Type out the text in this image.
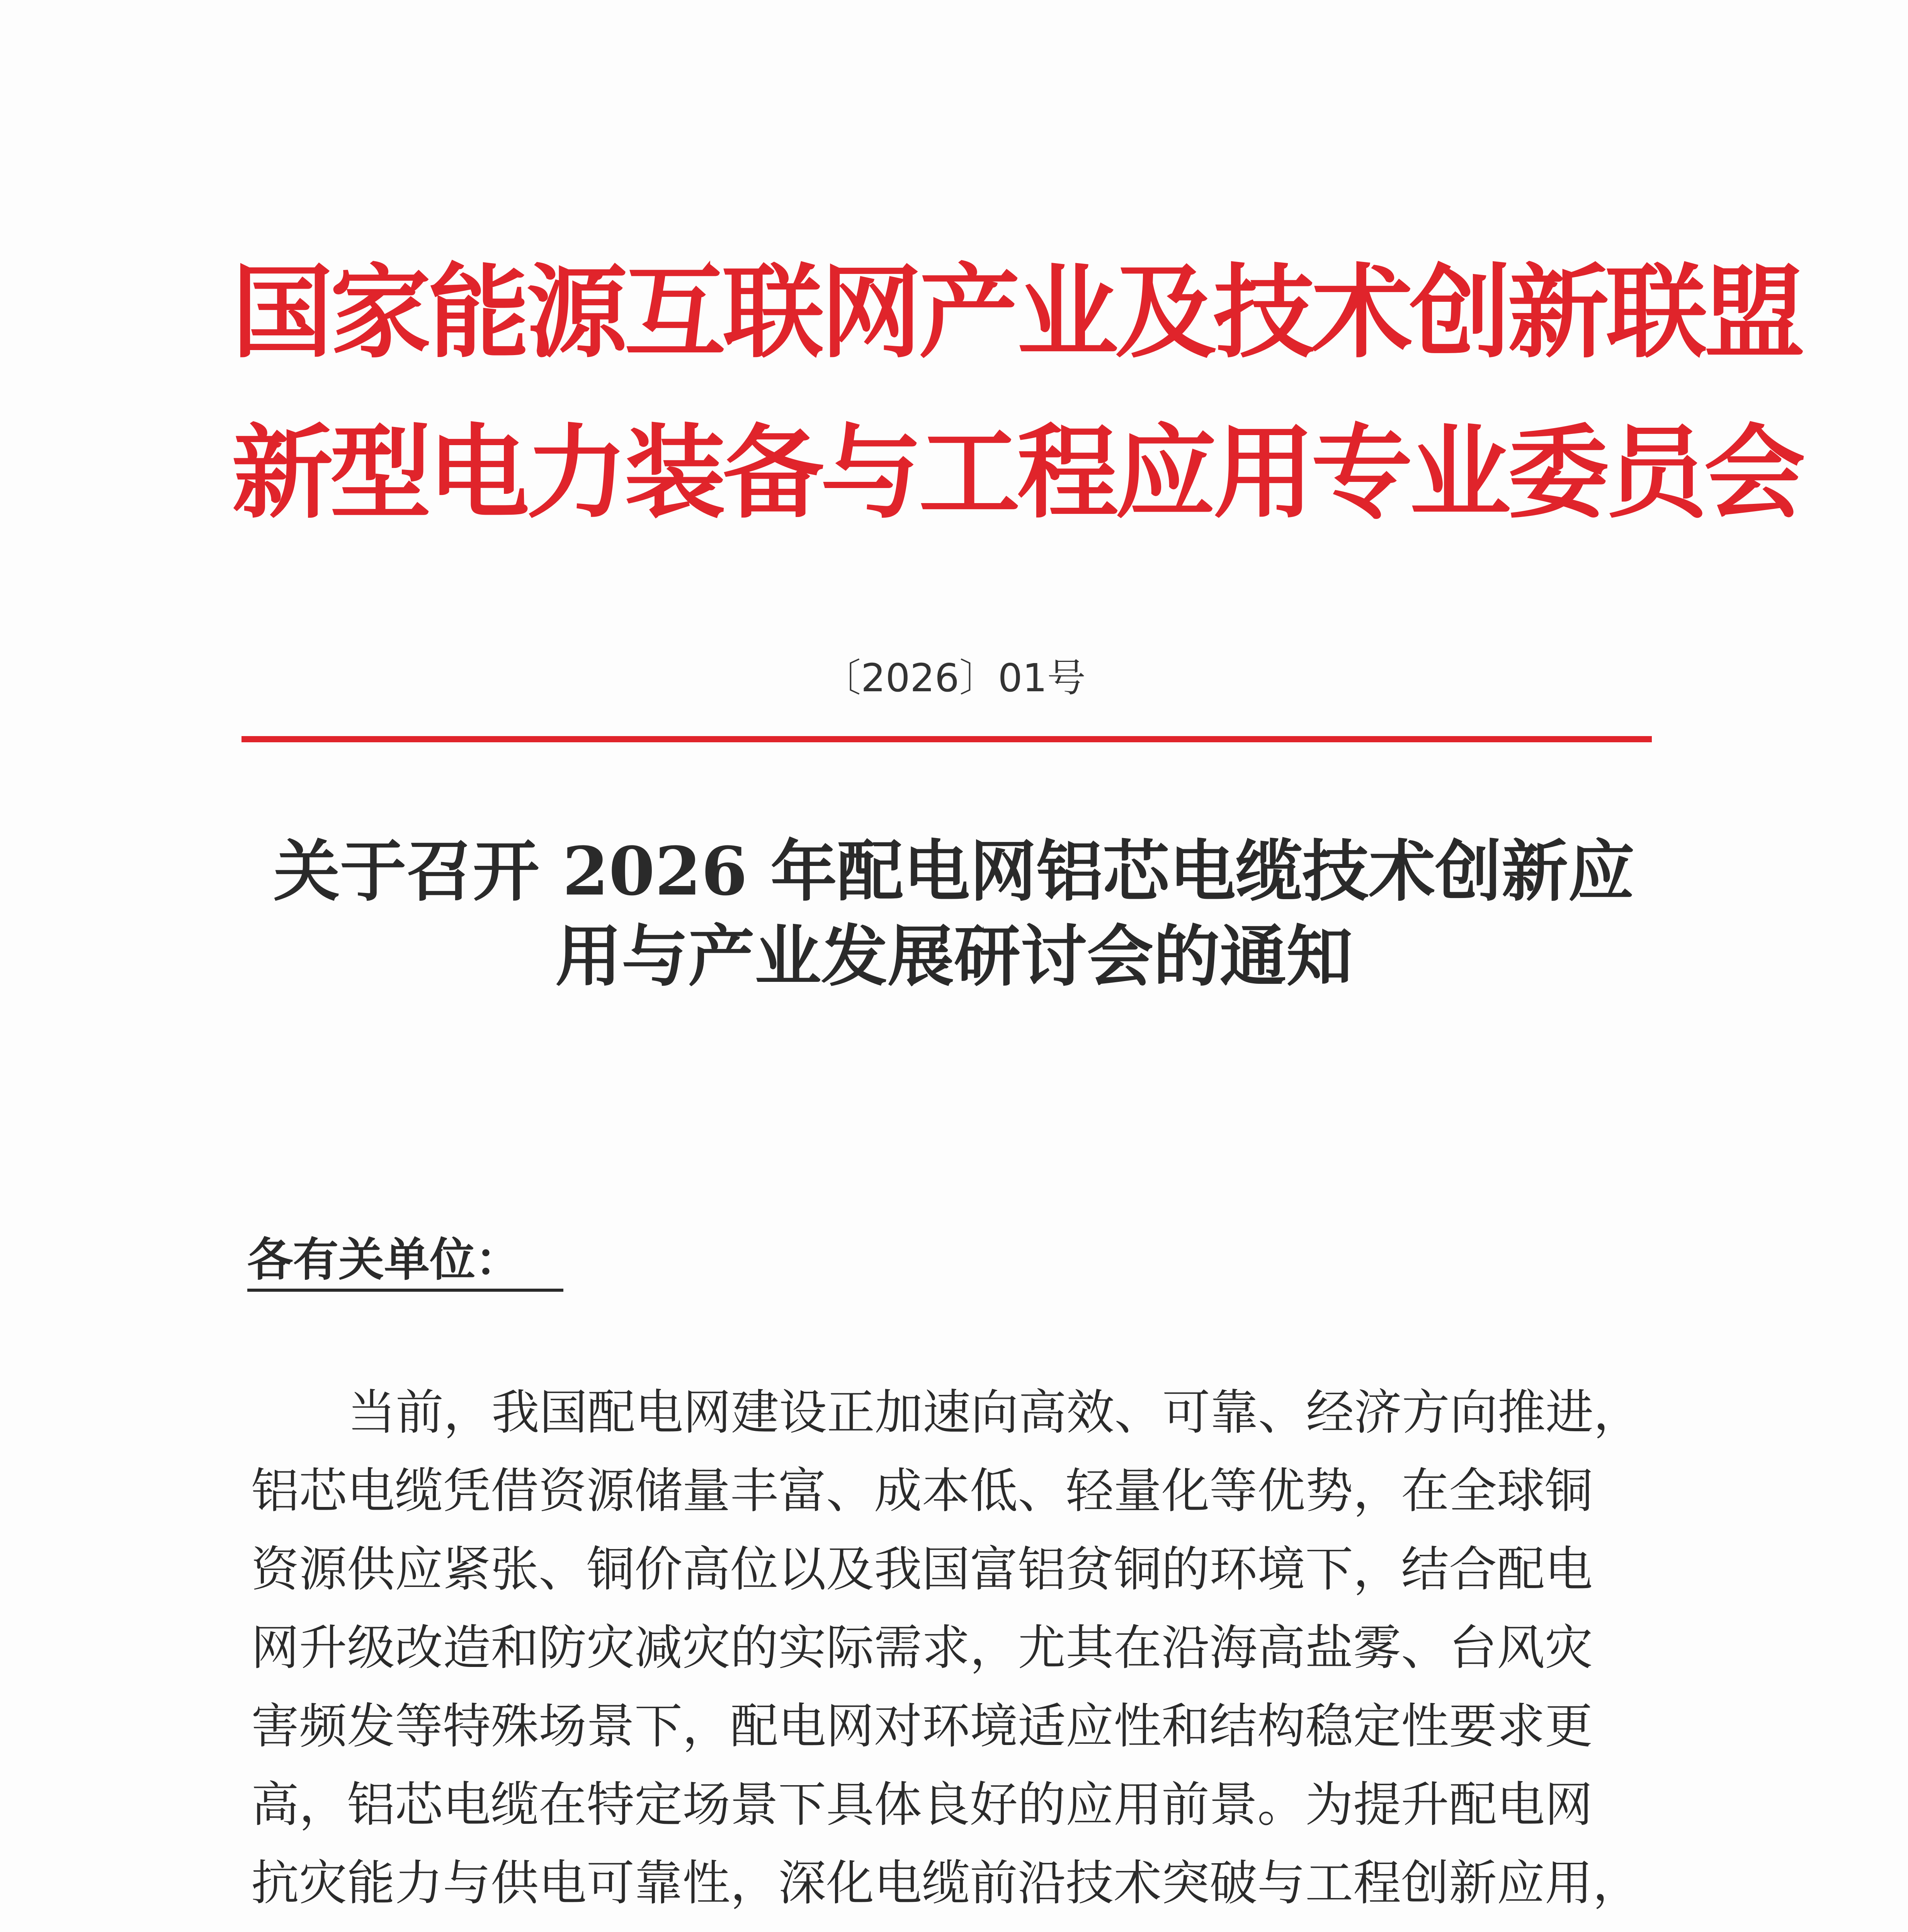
国家能源互联网产业及技术创新联盟
新型电力装备与工程应用专业委员会
〔2026〕01号
关于召开 2026 年配电网铝芯电缆技术创新应
用与产业发展研讨会的通知
各有关单位：
当前，我国配电网建设正加速向高效、可靠、经济方向推进，
铝芯电缆凭借资源储量丰富、成本低、轻量化等优势，在全球铜
资源供应紧张、铜价高位以及我国富铝贫铜的环境下，结合配电
网升级改造和防灾减灾的实际需求，尤其在沿海高盐雾、台风灾
害频发等特殊场景下，配电网对环境适应性和结构稳定性要求更
高，铝芯电缆在特定场景下具体良好的应用前景。为提升配电网
抗灾能力与供电可靠性，深化电缆前沿技术突破与工程创新应用，
